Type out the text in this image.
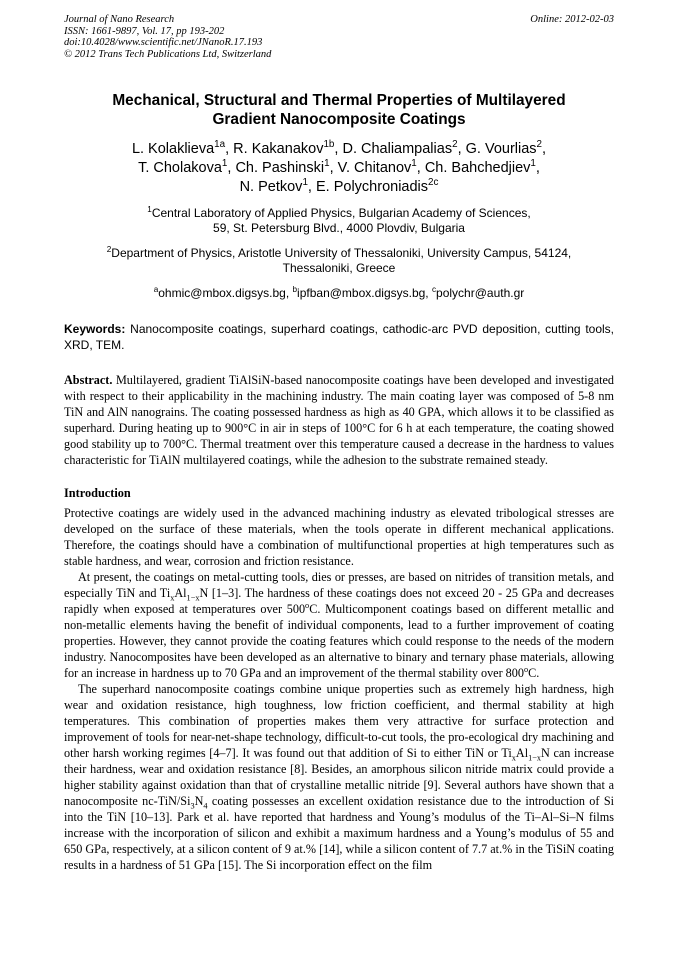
Journal of Nano Research
ISSN: 1661-9897, Vol. 17, pp 193-202
doi:10.4028/www.scientific.net/JNanoR.17.193
© 2012 Trans Tech Publications Ltd, Switzerland
Online: 2012-02-03
Mechanical, Structural and Thermal Properties of Multilayered Gradient Nanocomposite Coatings
L. Kolaklieva$^{1a}$, R. Kakanakov$^{1b}$, D. Chaliampalias$^2$, G. Vourlias$^2$,
T. Cholakova$^1$, Ch. Pashinski$^1$, V. Chitanov$^1$, Ch. Bahchedjiev$^1$,
N. Petkov$^1$, E. Polychroniadis$^{2c}$
$^1$Central Laboratory of Applied Physics, Bulgarian Academy of Sciences,
59, St. Petersburg Blvd., 4000 Plovdiv, Bulgaria
$^2$Department of Physics, Aristotle University of Thessaloniki, University Campus, 54124,
Thessaloniki, Greece
$^a$ohmic@mbox.digsys.bg, $^b$ipfban@mbox.digsys.bg, $^c$polychr@auth.gr
Keywords: Nanocomposite coatings, superhard coatings, cathodic-arc PVD deposition, cutting tools, XRD, TEM.
Abstract. Multilayered, gradient TiAlSiN-based nanocomposite coatings have been developed and investigated with respect to their applicability in the machining industry. The main coating layer was composed of 5-8 nm TiN and AlN nanograins. The coating possessed hardness as high as 40 GPA, which allows it to be classified as superhard. During heating up to 900°C in air in steps of 100°C for 6 h at each temperature, the coating showed good stability up to 700°C. Thermal treatment over this temperature caused a decrease in the hardness to values characteristic for TiAlN multilayered coatings, while the adhesion to the substrate remained steady.
Introduction

Protective coatings are widely used in the advanced machining industry as elevated tribological stresses are developed on the surface of these materials, when the tools operate in different mechanical applications. Therefore, the coatings should have a combination of multifunctional properties at high temperatures such as stable hardness, and wear, corrosion and friction resistance.

At present, the coatings on metal-cutting tools, dies or presses, are based on nitrides of transition metals, and especially TiN and $Ti_xAl_{1-x}N$ [1–3]. The hardness of these coatings does not exceed 20 - 25 GPa and decreases rapidly when exposed at temperatures over 500$^o$C. Multicomponent coatings based on different metallic and non-metallic elements having the benefit of individual components, lead to a further improvement of coating properties. However, they cannot provide the coating features which could response to the needs of the modern industry. Nanocomposites have been developed as an alternative to binary and ternary phase materials, allowing for an increase in hardness up to 70 GPa and an improvement of the thermal stability over 800$^o$C.

The superhard nanocomposite coatings combine unique properties such as extremely high hardness, high wear and oxidation resistance, high toughness, low friction coefficient, and thermal stability at high temperatures. This combination of properties makes them very attractive for surface protection and improvement of tools for near-net-shape technology, difficult-to-cut tools, the pro-ecological dry machining and other harsh working regimes [4–7]. It was found out that addition of Si to either TiN or $Ti_xAl_{1-x}N$ can increase their hardness, wear and oxidation resistance [8]. Besides, an amorphous silicon nitride matrix could provide a higher stability against oxidation than that of crystalline metallic nitride [9]. Several authors have shown that a nanocomposite $nc-TiN/Si_3N_4$ coating possesses an excellent oxidation resistance due to the introduction of Si into the TiN [10–13]. Park et al. have reported that hardness and Young’s modulus of the Ti–Al–Si–N films increase with the incorporation of silicon and exhibit a maximum hardness and a Young’s modulus of 55 and 650 GPa, respectively, at a silicon content of 9 at.% [14], while a silicon content of 7.7 at.% in the TiSiN coating results in a hardness of 51 GPa [15]. The Si incorporation effect on the film
